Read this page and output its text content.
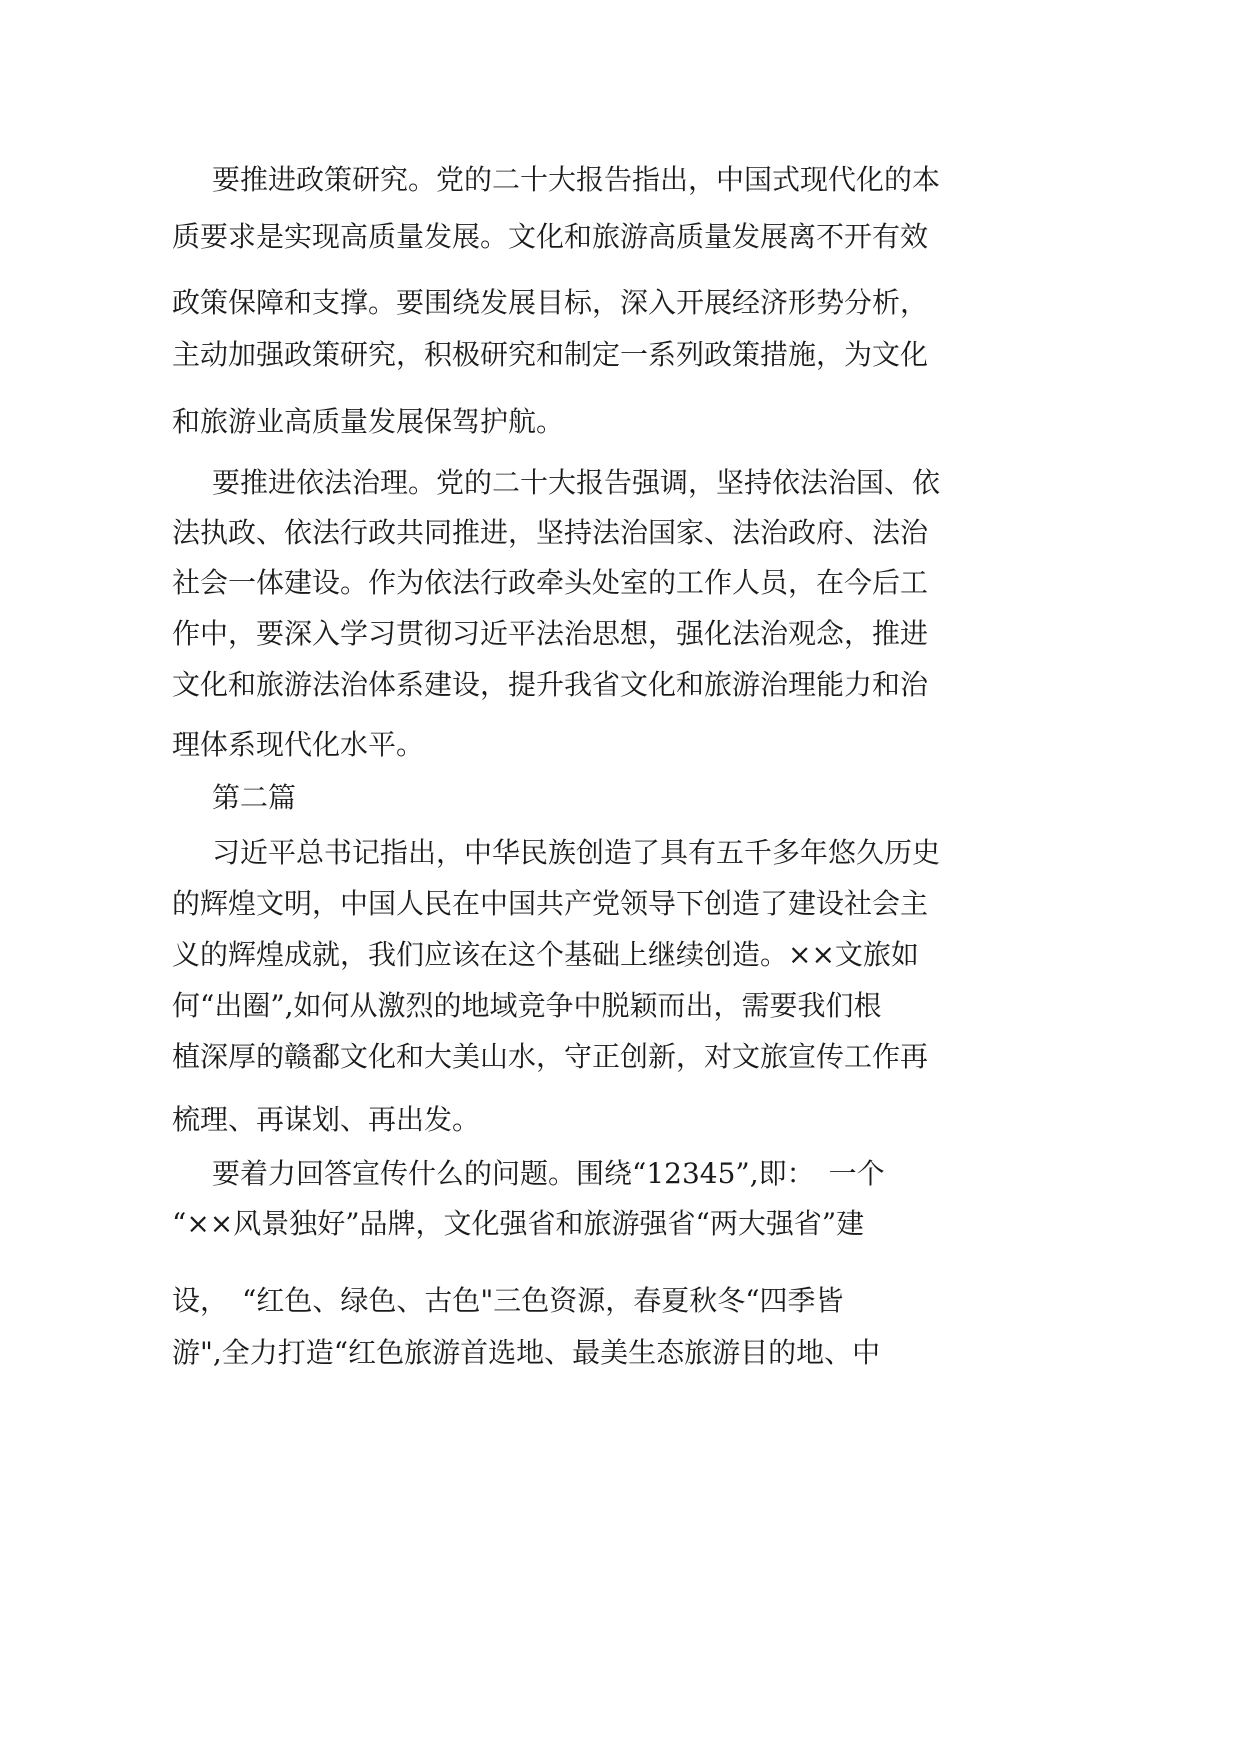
要推进政策研究。党的二十大报告指出，中国式现代化的本
质要求是实现高质量发展。文化和旅游高质量发展离不开有效
政策保障和支撑。要围绕发展目标，深入开展经济形势分析，
主动加强政策研究，积极研究和制定一系列政策措施，为文化
和旅游业高质量发展保驾护航。
要推进依法治理。党的二十大报告强调，坚持依法治国、依
法执政、依法行政共同推进，坚持法治国家、法治政府、法治
社会一体建设。作为依法行政牵头处室的工作人员，在今后工
作中，要深入学习贯彻习近平法治思想，强化法治观念，推进
文化和旅游法治体系建设，提升我省文化和旅游治理能力和治
理体系现代化水平。
第二篇
习近平总书记指出，中华民族创造了具有五千多年悠久历史
的辉煌文明，中国人民在中国共产党领导下创造了建设社会主
义的辉煌成就，我们应该在这个基础上继续创造。××文旅如
何“出圈”,如何从激烈的地域竞争中脱颖而出，需要我们根
植深厚的赣鄱文化和大美山水，守正创新，对文旅宣传工作再
梳理、再谋划、再出发。
要着力回答宣传什么的问题。围绕“12345”,即：　一个
“××风景独好”品牌，文化强省和旅游强省“两大强省”建
设，　“红色、绿色、古色"三色资源，春夏秋冬“四季皆
游",全力打造“红色旅游首选地、最美生态旅游目的地、中
